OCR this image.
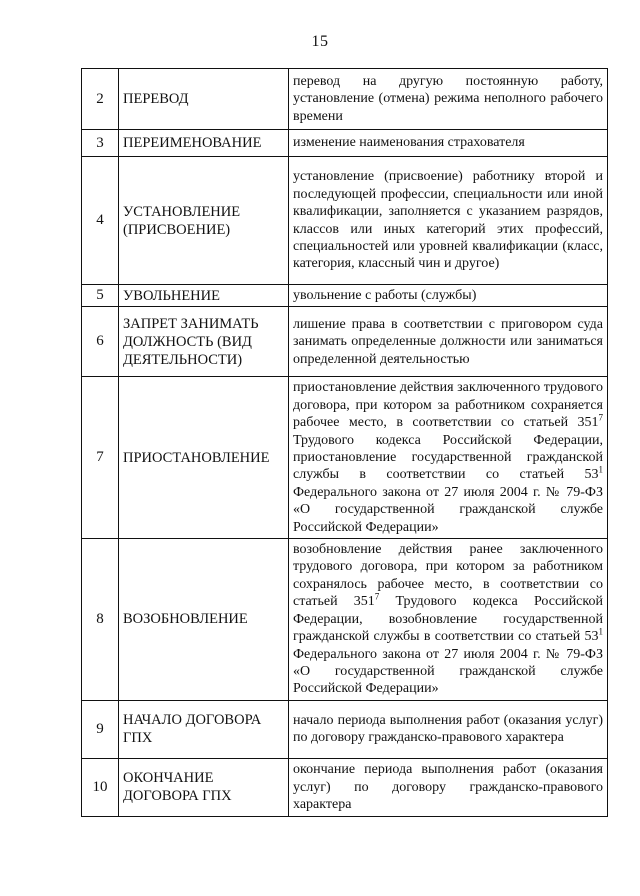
15
2	ПЕРЕВОД	перевод на другую постоянную работу, установление (отмена) режима неполного рабочего времени

3	ПЕРЕИМЕНОВАНИЕ	изменение наименования страхователя

4	УСТАНОВЛЕНИЕ (ПРИСВОЕНИЕ)	установление (присвоение) работнику второй и последующей профессии, специальности или иной квалификации, заполняется с указанием разрядов, классов или иных категорий этих профессий, специальностей или уровней квалификации (класс, категория, классный чин и другое)

5	УВОЛЬНЕНИЕ	увольнение с работы (службы)

6	ЗАПРЕТ ЗАНИМАТЬ ДОЛЖНОСТЬ (ВИД ДЕЯТЕЛЬНОСТИ)	лишение права в соответствии с приговором суда занимать определенные должности или заниматься определенной деятельностью

7	ПРИОСТАНОВЛЕНИЕ	приостановление действия заключенного трудового договора, при котором за работником сохраняется рабочее место, в соответствии со статьей $351^7$ Трудового кодекса Российской Федерации, приостановление государственной гражданской службы в соответствии со статьей $53^1$ Федерального закона от 27 июля 2004 г. № 79-ФЗ «О государственной гражданской службе Российской Федерации»

8	ВОЗОБНОВЛЕНИЕ	возобновление действия ранее заключенного трудового договора, при котором за работником сохранялось рабочее место, в соответствии со статьей $351^7$ Трудового кодекса Российской Федерации, возобновление государственной гражданской службы в соответствии со статьей $53^1$ Федерального закона от 27 июля 2004 г. № 79-ФЗ «О государственной гражданской службе Российской Федерации»

9	НАЧАЛО ДОГОВОРА ГПХ	начало периода выполнения работ (оказания услуг) по договору гражданско-правового характера

10	ОКОНЧАНИЕ ДОГОВОРА ГПХ	окончание периода выполнения работ (оказания услуг) по договору гражданско-правового характера
